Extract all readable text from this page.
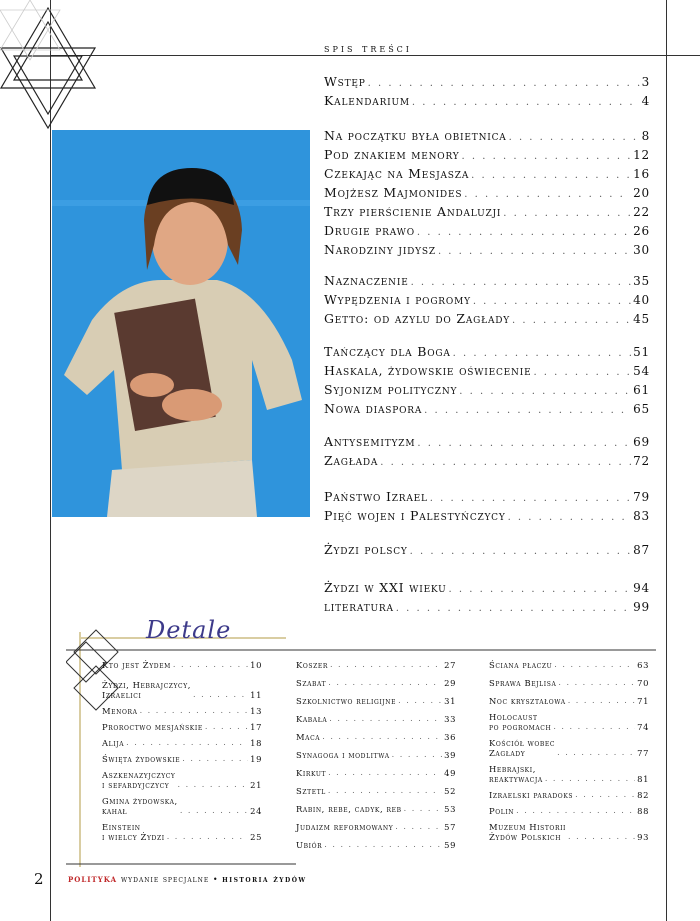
spis treści
Wstęp . . .	3
Kalendarium . . .	4
Na początku była obietnica . . .	8
Pod znakiem menory . . .	12
Czekając na Mesjasza . . .	16
Mojżesz Majmonides . . .	20
Trzy pierścienie Andaluzji . . .	22
Drugie prawo . . .	26
Narodziny jidysz . . .	30
Naznaczenie . . .	35
Wypędzenia i pogromy . . .	40
Getto: od azylu do Zagłady . . .	45
Tańczący dla Boga . . .	51
Haskala, żydowskie oświecenie . . .	54
Syjonizm polityczny . . .	61
Nowa diaspora . . .	65
Antysemityzm . . .	69
Zagłada . . .	72
Państwo Izrael . . .	79
Pięć wojen i Palestyńczycy . . .	83
Żydzi polscy . . .	87
Żydzi w XXI wieku . . .	94
literatura . . .	99
Detale
Kto jest Żydem . . .	10
Żydzi, Hebrajczycy,
Izraelici . . .	11
Menora . . .	13
Proroctwo mesjańskie . . .	17
Alija . . .	18
Święta żydowskie . . .	19
Aszkenazyjczycy
i sefardyjczycy . . .	21
Gmina żydowska,
kahał . . .	24
Einstein
i wielcy Żydzi . . .	25
Koszer . . .	27
Szabat . . .	29
Szkolnictwo religijne . . .	31
Kabała . . .	33
Maca . . .	36
Synagoga i modlitwa . . .	39
Kirkut . . .	49
Sztetl . . .	52
Rabin, rebe, cadyk, reb . . .	53
Judaizm reformowany . . .	57
Ubiór . . .	59
Ściana płaczu . . .	63
Sprawa Bejlisa . . .	70
Noc kryształowa . . .	71
Holocaust
po pogromach . . .	74
Kościół wobec
Zagłady . . .	77
Hebrajski,
reaktywacja . . .	81
Izraelski paradoks . . .	82
Polin . . .	88
Muzeum Historii
Żydów Polskich . . .	93
2	POLITYKA wydanie specjalne • historia żydów
